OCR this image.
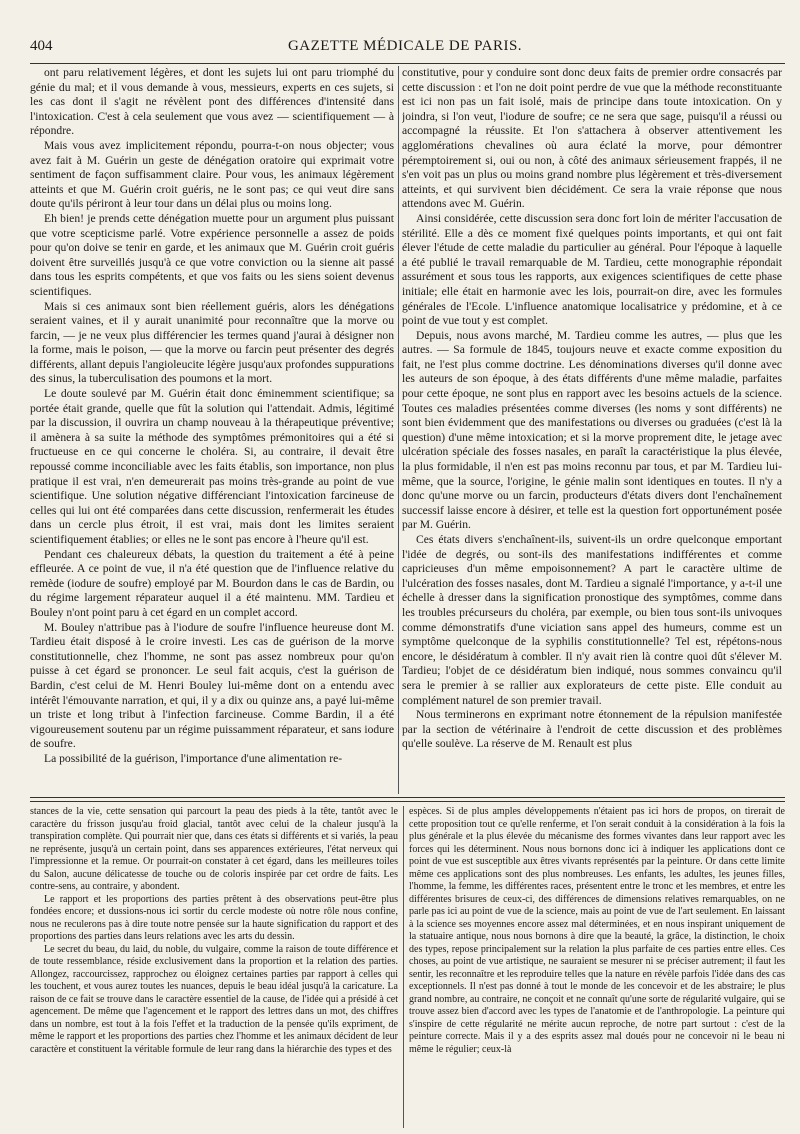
404	GAZETTE MÉDICALE DE PARIS.

ont paru relativement légères, et dont les sujets lui ont paru triomphé du génie du mal; et il vous demande à vous, messieurs, experts en ces sujets, si les cas dont il s'agit ne révèlent pont des différences d'intensité dans l'intoxication. C'est à cela seulement que vous avez — scientifiquement — à répondre.

Mais vous avez implicitement répondu, pourra-t-on nous objecter; vous avez fait à M. Guérin un geste de dénégation oratoire qui exprimait votre sentiment de façon suffisamment claire. Pour vous, les animaux légèrement atteints et que M. Guérin croit guéris, ne le sont pas; ce qui veut dire sans doute qu'ils périront à leur tour dans un délai plus ou moins long.

Eh bien! je prends cette dénégation muette pour un argument plus puissant que votre scepticisme parlé. Votre expérience personnelle a assez de poids pour qu'on doive se tenir en garde, et les animaux que M. Guérin croit guéris doivent être surveillés jusqu'à ce que votre conviction ou la sienne ait passé dans tous les esprits compétents, et que vos faits ou les siens soient devenus scientifiques.

Mais si ces animaux sont bien réellement guéris, alors les dénégations seraient vaines, et il y aurait unanimité pour reconnaître que la morve ou farcin, — je ne veux plus différencier les termes quand j'aurai à désigner non la forme, mais le poison, — que la morve ou farcin peut présenter des degrés différents, allant depuis l'angioleucite légère jusqu'aux profondes suppurations des sinus, la tuberculisation des poumons et la mort.

Le doute soulevé par M. Guérin était donc éminemment scientifique; sa portée était grande, quelle que fût la solution qui l'attendait. Admis, légitimé par la discussion, il ouvrira un champ nouveau à la thérapeutique préventive; il amènera à sa suite la méthode des symptômes prémonitoires qui a été si fructueuse en ce qui concerne le choléra. Si, au contraire, il devait être repoussé comme inconciliable avec les faits établis, son importance, non plus pratique il est vrai, n'en demeurerait pas moins très-grande au point de vue scientifique. Une solution négative différenciant l'intoxication farcineuse de celles qui lui ont été comparées dans cette discussion, renfermerait les études dans un cercle plus étroit, il est vrai, mais dont les limites seraient scientifiquement établies; or elles ne le sont pas encore à l'heure qu'il est.

Pendant ces chaleureux débats, la question du traitement a été à peine effleurée. A ce point de vue, il n'a été question que de l'influence relative du remède (iodure de soufre) employé par M. Bourdon dans le cas de Bardin, ou du régime largement réparateur auquel il a été maintenu. MM. Tardieu et Bouley n'ont point paru à cet égard en un complet accord.

M. Bouley n'attribue pas à l'iodure de soufre l'influence heureuse dont M. Tardieu était disposé à le croire investi. Les cas de guérison de la morve constitutionnelle, chez l'homme, ne sont pas assez nombreux pour qu'on puisse à cet égard se prononcer. Le seul fait acquis, c'est la guérison de Bardin, c'est celui de M. Henri Bouley lui-même dont on a entendu avec intérêt l'émouvante narration, et qui, il y a dix ou quinze ans, a payé lui-même un triste et long tribut à l'infection farcineuse. Comme Bardin, il a été vigoureusement soutenu par un régime puissamment réparateur, et sans iodure de soufre.

La possibilité de la guérison, l'importance d'une alimentation re-

constitutive, pour y conduire sont donc deux faits de premier ordre consacrés par cette discussion : et l'on ne doit point perdre de vue que la méthode reconstituante est ici non pas un fait isolé, mais de principe dans toute intoxication. On y joindra, si l'on veut, l'iodure de soufre; ce ne sera que sage, puisqu'il a réussi ou accompagné la réussite. Et l'on s'attachera à observer attentivement les agglomérations chevalines où aura éclaté la morve, pour démontrer péremptoirement si, oui ou non, à côté des animaux sérieusement frappés, il ne s'en voit pas un plus ou moins grand nombre plus légèrement et très-diversement atteints, et qui survivent bien décidément. Ce sera la vraie réponse que nous attendons avec M. Guérin.

Ainsi considérée, cette discussion sera donc fort loin de mériter l'accusation de stérilité. Elle a dès ce moment fixé quelques points importants, et qui ont fait élever l'étude de cette maladie du particulier au général. Pour l'époque à laquelle a été publié le travail remarquable de M. Tardieu, cette monographie répondait assurément et sous tous les rapports, aux exigences scientifiques de cette phase initiale; elle était en harmonie avec les lois, pourrait-on dire, avec les formules générales de l'Ecole. L'influence anatomique localisatrice y prédomine, et à ce point de vue tout y est complet.

Depuis, nous avons marché, M. Tardieu comme les autres, — plus que les autres. — Sa formule de 1845, toujours neuve et exacte comme exposition du fait, ne l'est plus comme doctrine. Les dénominations diverses qu'il donne avec les auteurs de son époque, à des états différents d'une même maladie, parfaites pour cette époque, ne sont plus en rapport avec les besoins actuels de la science. Toutes ces maladies présentées comme diverses (les noms y sont différents) ne sont bien évidemment que des manifestations ou diverses ou graduées (c'est là la question) d'une même intoxication; et si la morve proprement dite, le jetage avec ulcération spéciale des fosses nasales, en paraît la caractéristique la plus élevée, la plus formidable, il n'en est pas moins reconnu par tous, et par M. Tardieu lui-même, que la source, l'origine, le génie malin sont identiques en toutes. Il n'y a donc qu'une morve ou un farcin, producteurs d'états divers dont l'enchaînement successif laisse encore à désirer, et telle est la question fort opportunément posée par M. Guérin.

Ces états divers s'enchaînent-ils, suivent-ils un ordre quelconque emportant l'idée de degrés, ou sont-ils des manifestations indifférentes et comme capricieuses d'un même empoisonnement? A part le caractère ultime de l'ulcération des fosses nasales, dont M. Tardieu a signalé l'importance, y a-t-il une échelle à dresser dans la signification pronostique des symptômes, comme dans les troubles précurseurs du choléra, par exemple, ou bien tous sont-ils univoques comme démonstratifs d'une viciation sans appel des humeurs, comme est un symptôme quelconque de la syphilis constitutionnelle? Tel est, répétons-nous encore, le désidératum à combler. Il n'y avait rien là contre quoi dût s'élever M. Tardieu; l'objet de ce désidératum bien indiqué, nous sommes convaincu qu'il sera le premier à se rallier aux explorateurs de cette piste. Elle conduit au complément naturel de son premier travail.

Nous terminerons en exprimant notre étonnement de la répulsion manifestée par la section de vétérinaire à l'endroit de cette discussion et des problèmes qu'elle soulève. La réserve de M. Renault est plus

stances de la vie, cette sensation qui parcourt la peau des pieds à la tête, tantôt avec le caractère du frisson jusqu'au froid glacial, tantôt avec celui de la chaleur jusqu'à la transpiration complète. Qui pourrait nier que, dans ces états si différents et si variés, la peau ne représente, jusqu'à un certain point, dans ses apparences extérieures, l'état nerveux qui l'impressionne et la remue. Or pourrait-on constater à cet égard, dans les meilleures toiles du Salon, aucune délicatesse de touche ou de coloris inspirée par cet ordre de faits. Les contre-sens, au contraire, y abondent.

Le rapport et les proportions des parties prêtent à des observations peut-être plus fondées encore; et dussions-nous ici sortir du cercle modeste où notre rôle nous confine, nous ne reculerons pas à dire toute notre pensée sur la haute signification du rapport et des proportions des parties dans leurs relations avec les arts du dessin.

Le secret du beau, du laid, du noble, du vulgaire, comme la raison de toute différence et de toute ressemblance, réside exclusivement dans la proportion et la relation des parties. Allongez, raccourcissez, rapprochez ou éloignez certaines parties par rapport à celles qui les touchent, et vous aurez toutes les nuances, depuis le beau idéal jusqu'à la caricature. La raison de ce fait se trouve dans le caractère essentiel de la cause, de l'idée qui a présidé à cet agencement. De même que l'agencement et le rapport des lettres dans un mot, des chiffres dans un nombre, est tout à la fois l'effet et la traduction de la pensée qu'ils expriment, de même le rapport et les proportions des parties chez l'homme et les animaux décident de leur caractère et constituent la véritable formule de leur rang dans la hiérarchie des types et des

espèces. Si de plus amples développements n'étaient pas ici hors de propos, on tirerait de cette proposition tout ce qu'elle renferme, et l'on serait conduit à la considération à la fois la plus générale et la plus élevée du mécanisme des formes vivantes dans leur rapport avec les forces qui les déterminent. Nous nous bornons donc ici à indiquer les applications dont ce point de vue est susceptible aux êtres vivants représentés par la peinture. Or dans cette limite même ces applications sont des plus nombreuses. Les enfants, les adultes, les jeunes filles, l'homme, la femme, les différentes races, présentent entre le tronc et les membres, et entre les différentes brisures de ceux-ci, des différences de dimensions relatives remarquables, on ne parle pas ici au point de vue de la science, mais au point de vue de l'art seulement. En laissant à la science ses moyennes encore assez mal déterminées, et en nous inspirant uniquement de la statuaire antique, nous nous bornons à dire que la beauté, la grâce, la distinction, le choix des types, repose principalement sur la relation la plus parfaite de ces parties entre elles. Ces choses, au point de vue artistique, ne sauraient se mesurer ni se préciser autrement; il faut les sentir, les reconnaître et les reproduire telles que la nature en révèle parfois l'idée dans des cas exceptionnels. Il n'est pas donné à tout le monde de les concevoir et de les abstraire; le plus grand nombre, au contraire, ne conçoit et ne connaît qu'une sorte de régularité vulgaire, qui se trouve assez bien d'accord avec les types de l'anatomie et de l'anthropologie. La peinture qui s'inspire de cette régularité ne mérite aucun reproche, de notre part surtout : c'est de la peinture correcte. Mais il y a des esprits assez mal doués pour ne concevoir ni le beau ni même le régulier; ceux-là
